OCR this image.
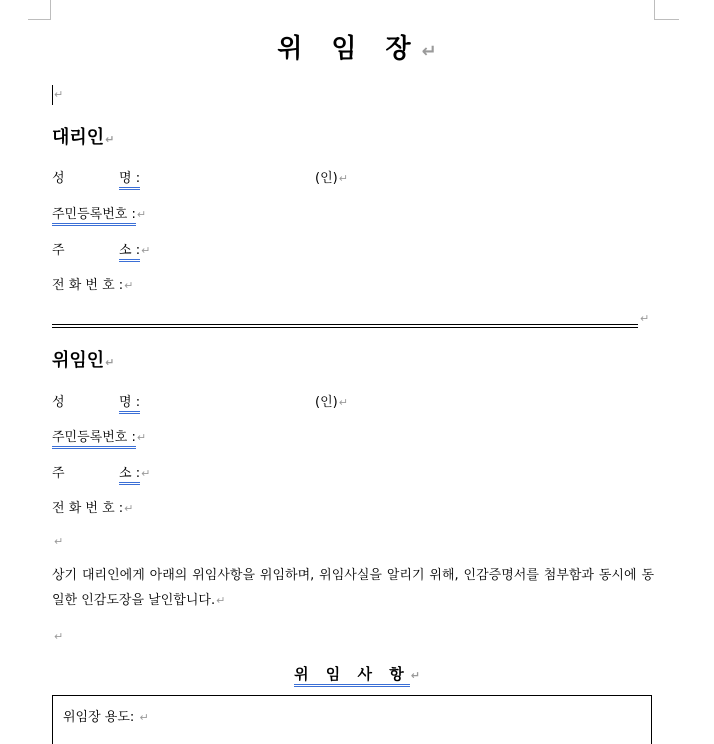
위 임 장↵
↵
대리인↵
성	명 :	(인)↵
주민등록번호 :↵
주	소 :↵
전 화 번 호 :↵
↵
위임인↵
성	명 :	(인)↵
주민등록번호 :↵
주	소 :↵
전 화 번 호 :↵
↵
상기 대리인에게 아래의 위임사항을 위임하며, 위임사실을 알리기 위해, 인감증명서를 첨부함과 동시에 동일한 인감도장을 날인합니다.↵
↵
위 임 사 항↵
위임장 용도: ↵
